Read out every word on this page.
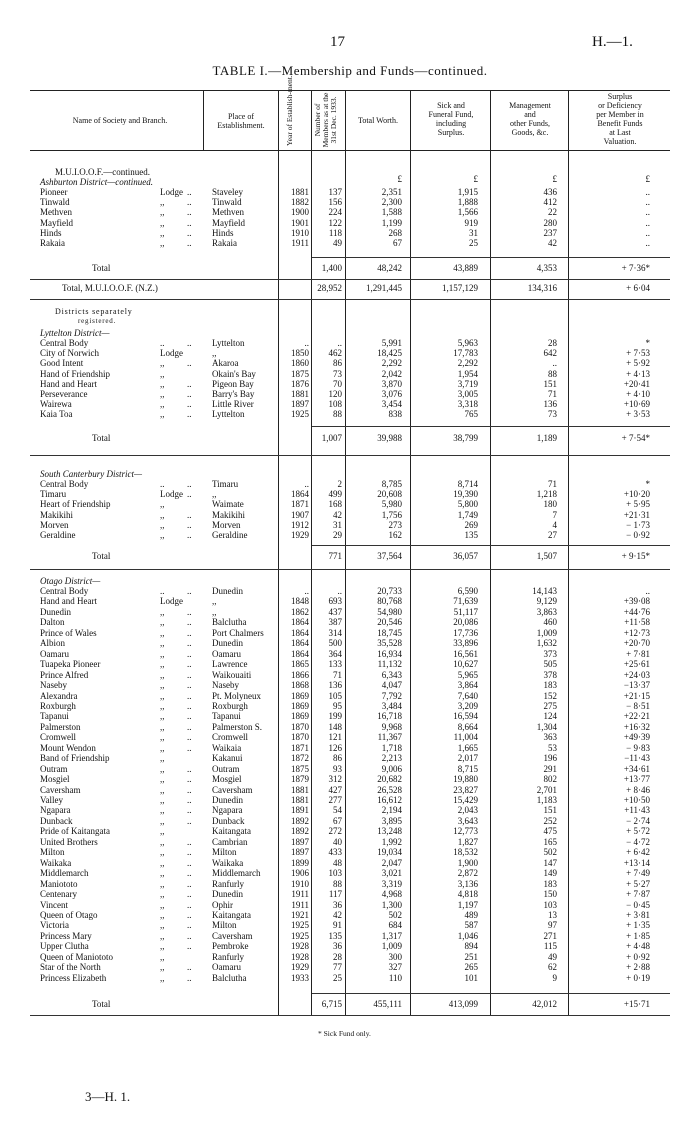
17	H.—1.
TABLE I.—Membership and Funds—continued.
Name of Society and Branch.	Place of
Establishment.	Year of Establish-ment.	Number of Members as at the 31st Dec. 1933.	Total Worth.
Sick and
Funeral Fund,
including
Surplus.
Management
and
other Funds,
Goods, &c.
Surplus
or Deficiency
per Member in
Benefit Funds
at Last
Valuation.
£	£	£	£
M.U.I.O.O.F.—continued.
Ashburton District—continued.
Pioneer	Lodge .. Staveley	1881	137	2,351	1,915	436	..
Tinwald	,,	.. Tinwald	1882	156	2,300	1,888	412	..
Methven	,,	.. Methven	1900	224	1,588	1,566	22	..
Mayfield	,,	.. Mayfield	1901	122	1,199	919	280	..
Hinds	,,	.. Hinds	1910	118	268	31	237	..
Rakaia	,,	.. Rakaia	1911	49	67	25	42	..
Total	1,400	48,242	43,889	4,353	+ 7·36*
Total, M.U.I.O.O.F. (N.Z.)	28,952	1,291,445	1,157,129	134,316	+ 6·04
Districts separately
registered.
Lyttelton District—
Central Body	..	.. Lyttelton	..	..	5,991	5,963	28	*
City of Norwich	Lodge	,,	1850	462	18,425	17,783	642	+ 7·53
Good Intent	,,	.. Akaroa	1860	86	2,292	2,292	..	+ 5·92
Hand of Friendship	,,	Okain's Bay	1875	73	2,042	1,954	88	+ 4·13
Hand and Heart	,,	.. Pigeon Bay	1876	70	3,870	3,719	151	+20·41
Perseverance	,,	.. Barry's Bay	1881	120	3,076	3,005	71	+ 4·10
Wairewa	,,	.. Little River	1897	108	3,454	3,318	136	+10·69
Kaia Toa	,,	.. Lyttelton	1925	88	838	765	73	+ 3·53
Total	1,007	39,988	38,799	1,189	+ 7·54*
South Canterbury District—
Central Body	..	.. Timaru	..	2	8,785	8,714	71	*
Timaru	Lodge .. ,,	1864	499	20,608	19,390	1,218	+10·20
Heart of Friendship	,,	Waimate	1871	168	5,980	5,800	180	+ 5·95
Makikihi	,,	.. Makikihi	1907	42	1,756	1,749	7	+21·31
Morven	,,	.. Morven	1912	31	273	269	4	− 1·73
Geraldine	,,	.. Geraldine	1929	29	162	135	27	− 0·92
Total	771	37,564	36,057	1,507	+ 9·15*
Otago District—
Central Body	..	.. Dunedin	..	..	20,733	6,590	14,143	..
Hand and Heart	Lodge	,,	1848	693	80,768	71,639	9,129	+39·08
Dunedin	,,	.. ,,	1862	437	54,980	51,117	3,863	+44·76
Dalton	,,	.. Balclutha	1864	387	20,546	20,086	460	+11·58
Prince of Wales	,,	.. Port Chalmers	1864	314	18,745	17,736	1,009	+12·73
Albion	,,	.. Dunedin	1864	500	35,528	33,896	1,632	+20·70
Oamaru	,,	.. Oamaru	1864	364	16,934	16,561	373	+ 7·81
Tuapeka Pioneer	,,	.. Lawrence	1865	133	11,132	10,627	505	+25·61
Prince Alfred	,,	.. Waikouaiti	1866	71	6,343	5,965	378	+24·03
Naseby	,,	.. Naseby	1868	136	4,047	3,864	183	−13·37
Alexandra	,,	.. Pt. Molyneux	1869	105	7,792	7,640	152	+21·15
Roxburgh	,,	.. Roxburgh	1869	95	3,484	3,209	275	− 8·51
Tapanui	,,	.. Tapanui	1869	199	16,718	16,594	124	+22·21
Palmerston	,,	.. Palmerston S.	1870	148	9,968	8,664	1,304	+16·32
Cromwell	,,	.. Cromwell	1870	121	11,367	11,004	363	+49·39
Mount Wendon	,,	.. Waikaia	1871	126	1,718	1,665	53	− 9·83
Band of Friendship	,,	Kakanui	1872	86	2,213	2,017	196	−11·43
Outram	,,	.. Outram	1875	93	9,006	8,715	291	+34·61
Mosgiel	,,	.. Mosgiel	1879	312	20,682	19,880	802	+13·77
Caversham	,,	.. Caversham	1881	427	26,528	23,827	2,701	+ 8·46
Valley	,,	.. Dunedin	1881	277	16,612	15,429	1,183	+10·50
Ngapara	,,	.. Ngapara	1891	54	2,194	2,043	151	+11·43
Dunback	,,	.. Dunback	1892	67	3,895	3,643	252	− 2·74
Pride of Kaitangata	,,	Kaitangata	1892	272	13,248	12,773	475	+ 5·72
United Brothers	,,	.. Cambrian	1897	40	1,992	1,827	165	− 4·72
Milton	,,	.. Milton	1897	433	19,034	18,532	502	+ 6·42
Waikaka	,,	.. Waikaka	1899	48	2,047	1,900	147	+13·14
Middlemarch	,,	.. Middlemarch	1906	103	3,021	2,872	149	+ 7·49
Maniototo	,,	.. Ranfurly	1910	88	3,319	3,136	183	+ 5·27
Centenary	,,	.. Dunedin	1911	117	4,968	4,818	150	+ 7·87
Vincent	,,	.. Ophir	1911	36	1,300	1,197	103	− 0·45
Queen of Otago	,,	.. Kaitangata	1921	42	502	489	13	+ 3·81
Victoria	,,	.. Milton	1925	91	684	587	97	+ 1·35
Princess Mary	,,	.. Caversham	1925	135	1,317	1,046	271	+ 1·85
Upper Clutha	,,	.. Pembroke	1928	36	1,009	894	115	+ 4·48
Queen of Maniototo	,,	Ranfurly	1928	28	300	251	49	+ 0·92
Star of the North	,,	.. Oamaru	1929	77	327	265	62	+ 2·88
Princess Elizabeth	,,	.. Balclutha	1933	25	110	101	9	+ 0·19
Total	6,715	455,111	413,099	42,012	+15·71
* Sick Fund only.
3—H. 1.
